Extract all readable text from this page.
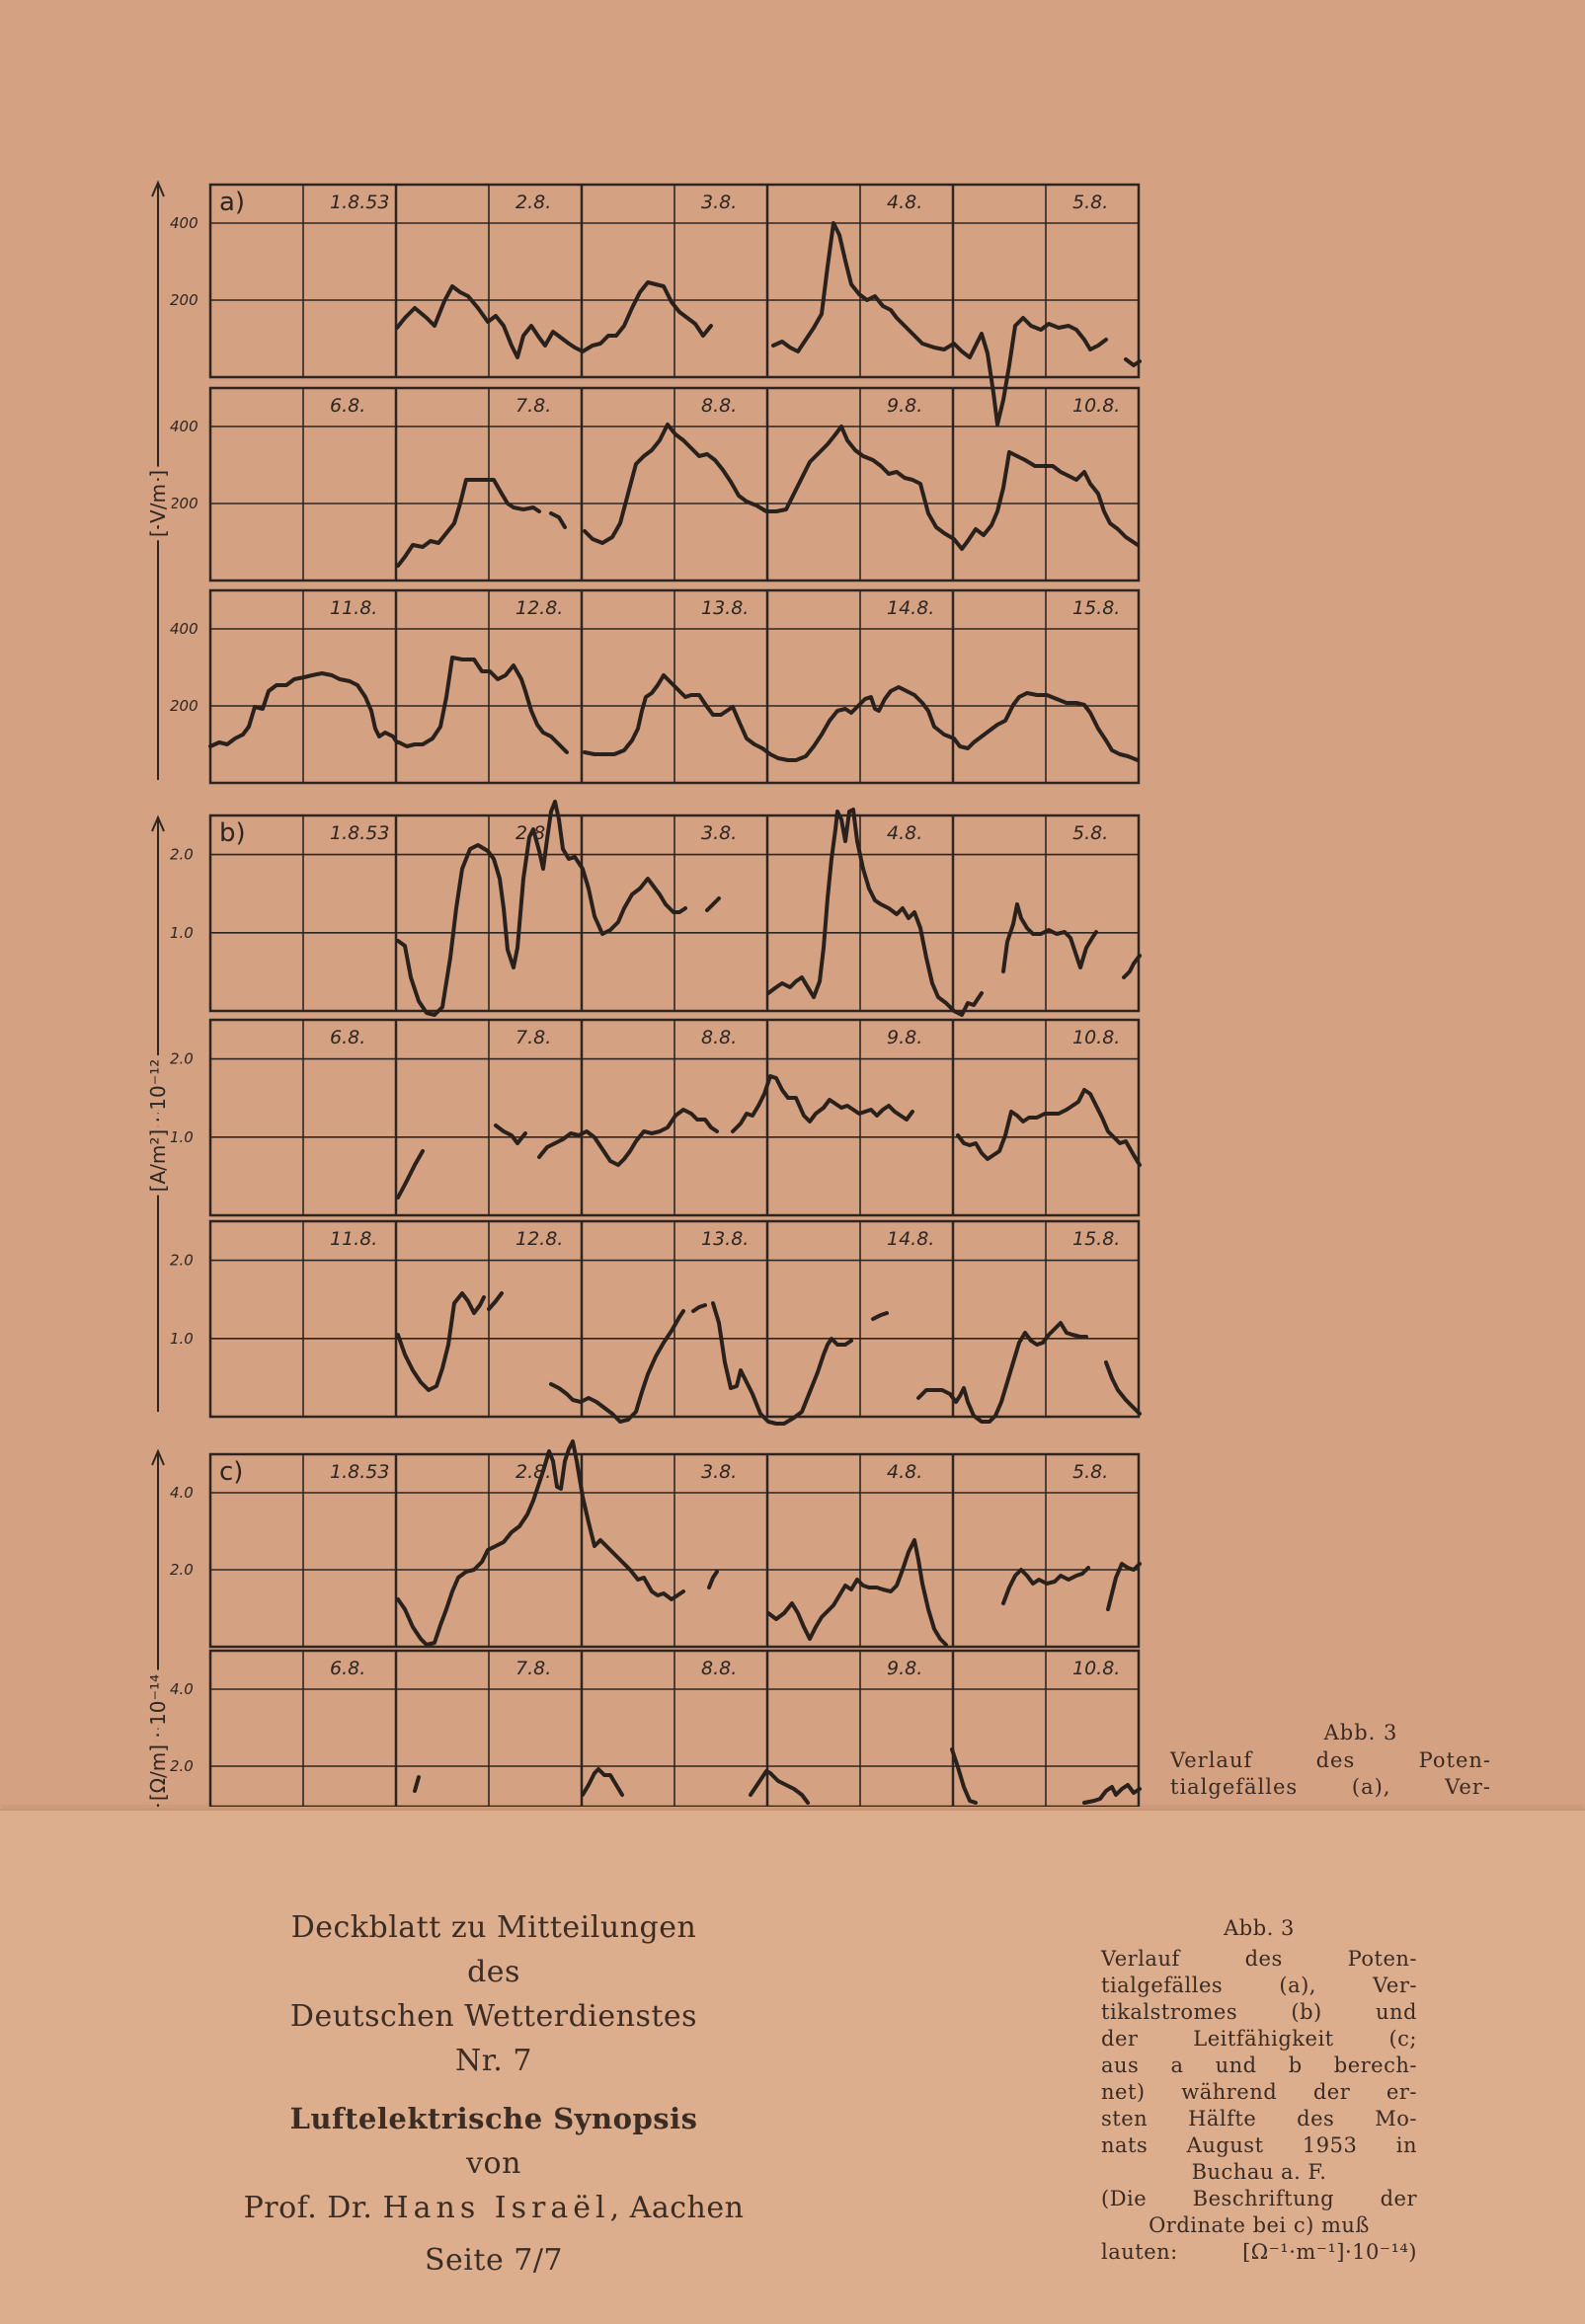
400
200
1.8.53	2.8.	3.8.	4.8.	5.8.
a)
400
200
6.8.	7.8.	8.8.	9.8.	10.8.
400
200
11.8.	12.8.	13.8.	14.8.	15.8.
2.0
1.0
1.8.53	2.8.	3.8.	4.8.	5.8.
b)
2.0
1.0
6.8.	7.8.	8.8.	9.8.	10.8.
2.0
1.0
11.8.	12.8.	13.8.	14.8.	15.8.
4.0
2.0
1.8.53	2.8.	3.8.	4.8.	5.8.
c)
4.0
2.0
6.8.	7.8.	8.8.	9.8.	10.8.
[ V/m ]
[A/m²] · 10⁻¹²
[Ω/m] · 10⁻¹⁴	Abb. 3
Verlauf des Poten-
tialgefälles (a), Ver-
Deckblatt zu Mitteilungen
des
Deutschen Wetterdienstes
Nr. 7
Luftelektrische Synopsis
von
Prof. Dr. Hans Israël, Aachen
Seite 7/7
Abb. 3
Verlauf des Poten-
tialgefälles (a), Ver-
tikalstromes (b) und
der Leitfähigkeit (c;
aus a und b berech-
net) während der er-
sten Hälfte des Mo-
nats August 1953 in
Buchau a. F.
(Die Beschriftung der
Ordinate bei c) muß
lauten: [Ω⁻¹·m⁻¹]·10⁻¹⁴)
